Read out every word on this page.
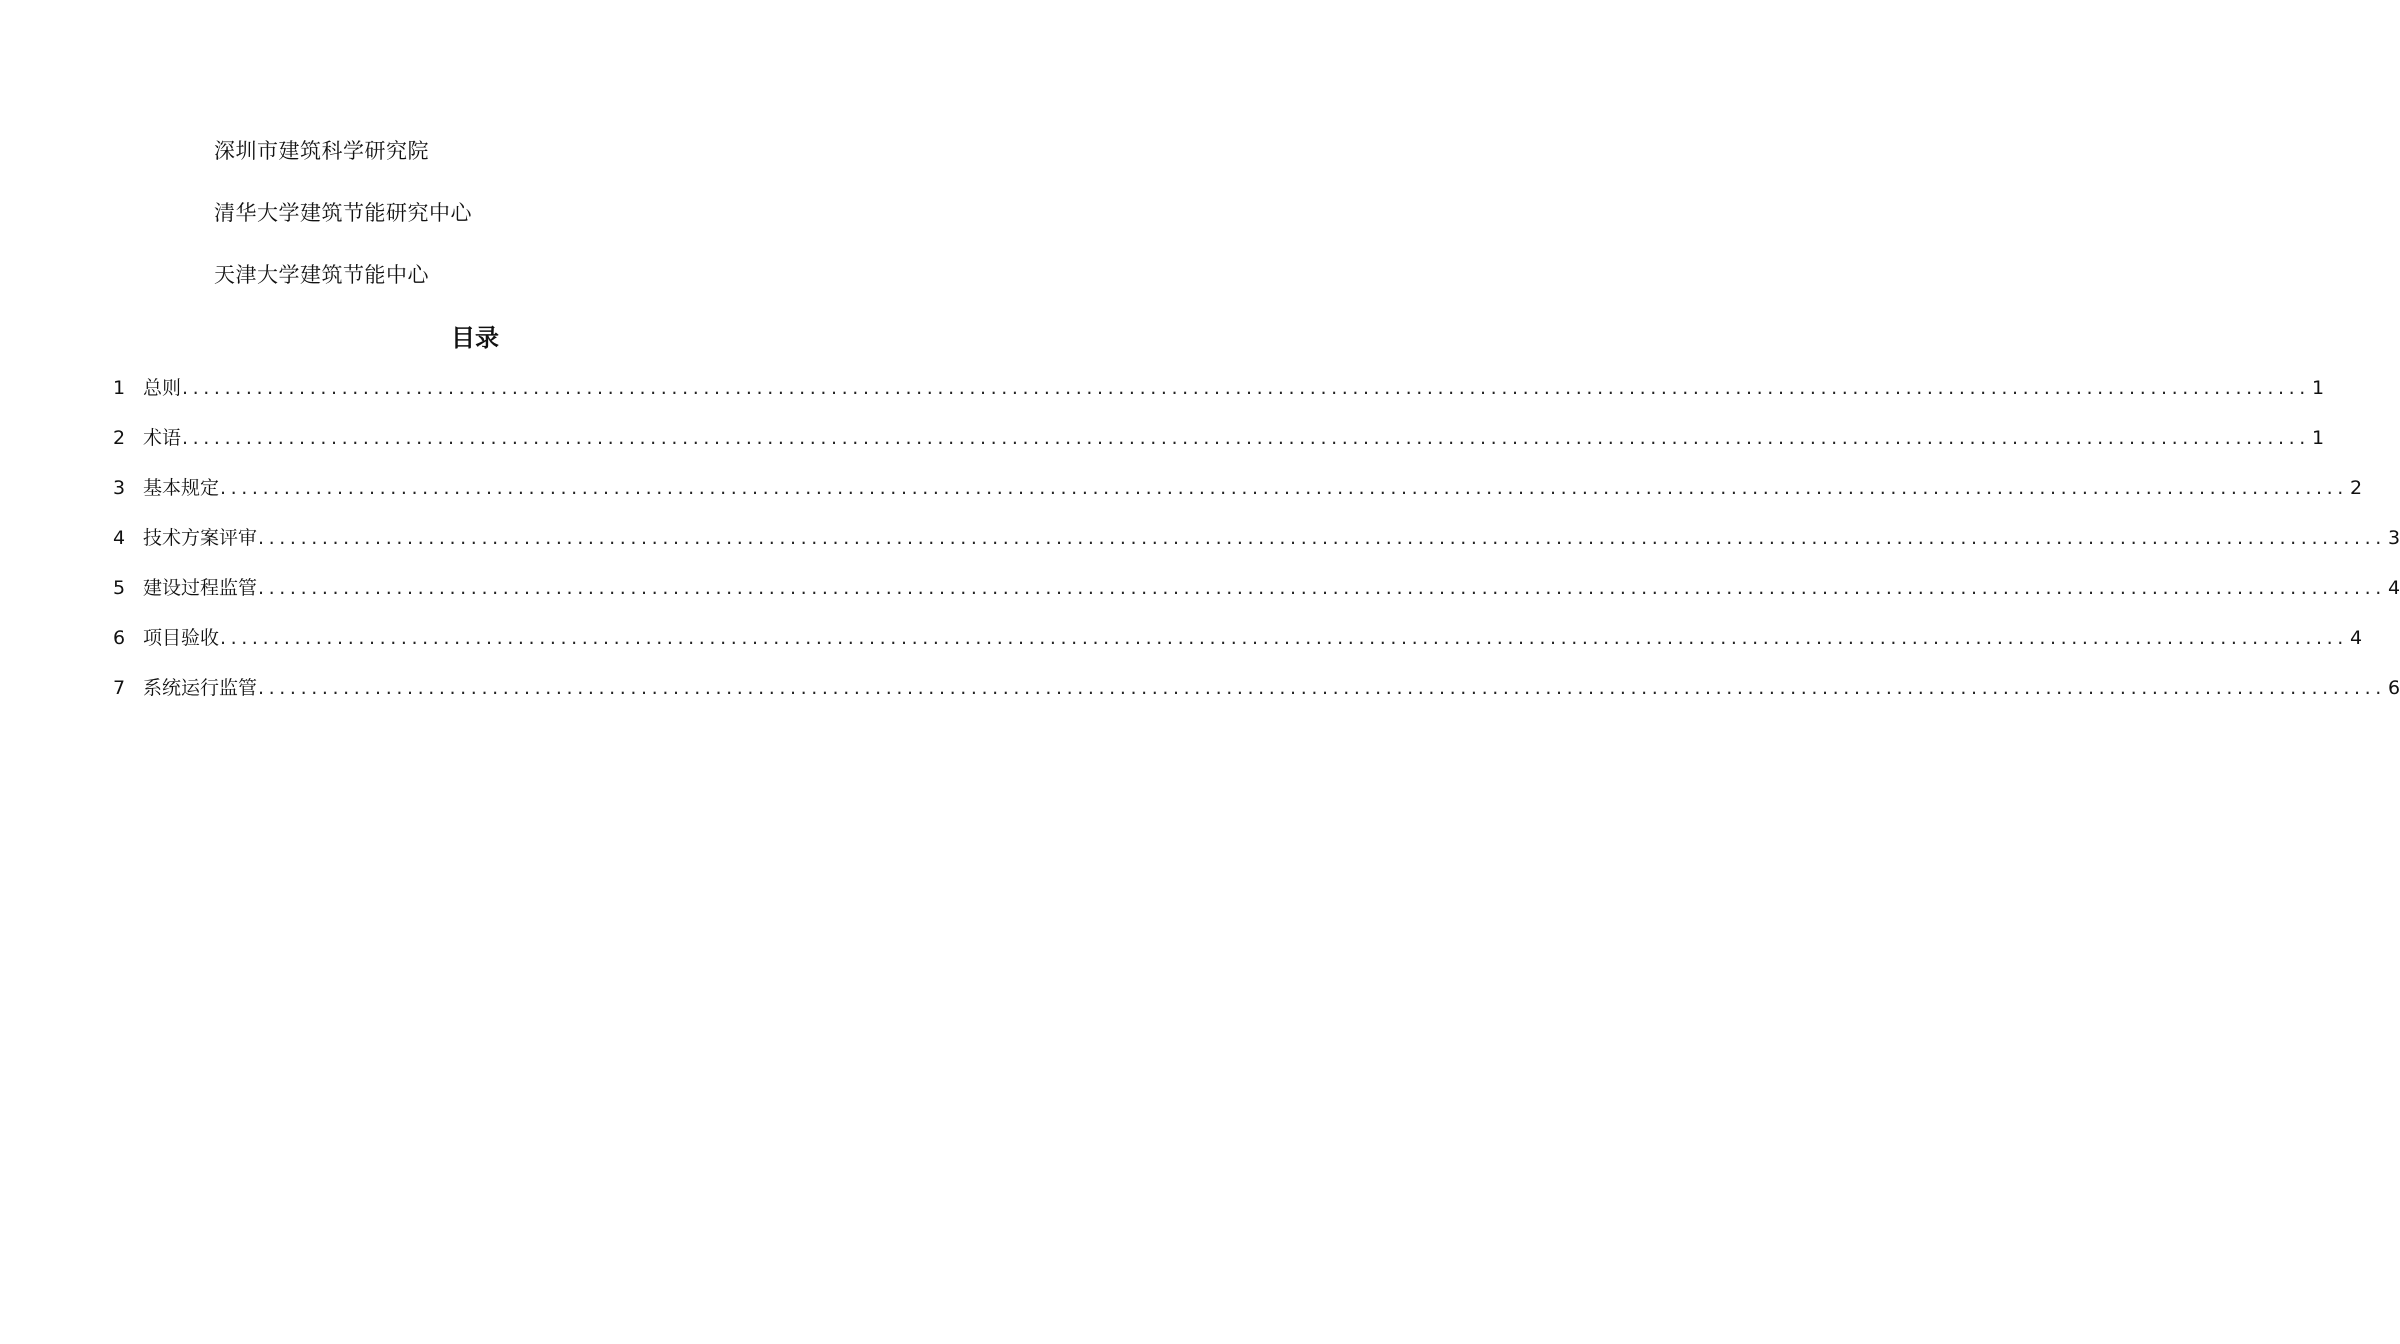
深圳市建筑科学研究院
清华大学建筑节能研究中心
天津大学建筑节能中心
目录
1 总则 ........................................................................................................................................................................................................ 1
2 术语 ........................................................................................................................................................................................................ 1
3 基本规定 ........................................................................................................................................................................................................ 2
4 技术方案评审 ........................................................................................................................................................................................................ 3
5 建设过程监管 ........................................................................................................................................................................................................ 4
6 项目验收 ........................................................................................................................................................................................................ 4
7 系统运行监管 ........................................................................................................................................................................................................ 6
